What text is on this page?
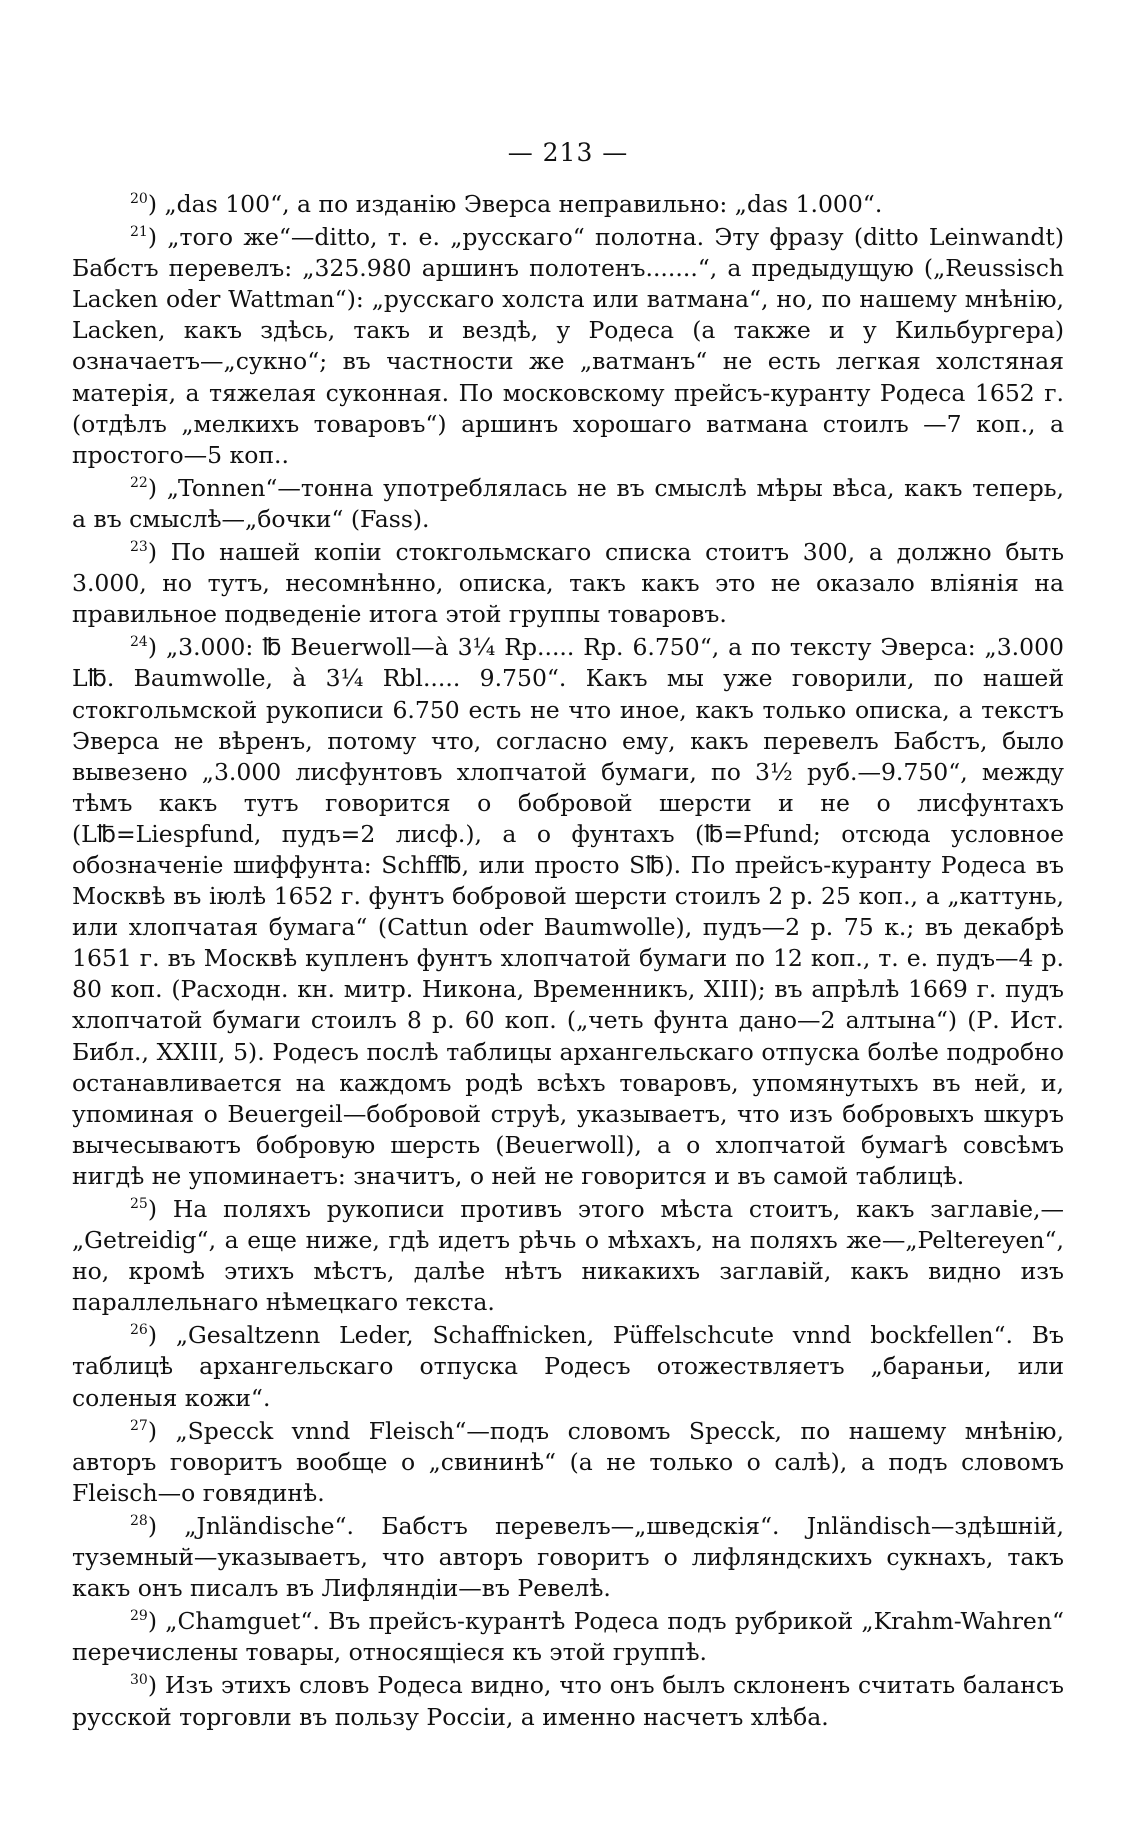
— 213 —

$^{20}$) „das 100“, а по изданію Эверса неправильно: „das 1.000“.

$^{21}$) „того же“—ditto, т. е. „русскаго“ полотна. Эту фразу (ditto Leinwandt) Бабстъ перевелъ: „325.980 аршинъ полотенъ.......“, а предыдущую („Reussisch Lacken oder Wattman“): „русскаго холста или ватмана“, но, по нашему мнѣнію, Lacken, какъ здѣсь, такъ и вездѣ, у Родеса (а также и у Кильбургера) означаетъ—„сукно“; въ частности же „ватманъ“ не есть легкая холстяная матерія, а тяжелая суконная. По московскому прейсъ-куранту Родеса 1652 г. (отдѣлъ „мелкихъ товаровъ“) аршинъ хорошаго ватмана стоилъ —7 коп., а простого—5 коп..

$^{22}$) „Tonnen“—тонна употреблялась не въ смыслѣ мѣры вѣса, какъ теперь, а въ смыслѣ—„бочки“ (Fass).

$^{23}$) По нашей копіи стокгольмскаго списка стоитъ 300, а должно быть 3.000, но тутъ, несомнѣнно, описка, такъ какъ это не оказало вліянія на правильное подведеніе итога этой группы товаровъ.

$^{24}$) „3.000: ℔ Beuerwoll—à 3¼ Rp..... Rp. 6.750“, а по тексту Эверса: „3.000 L℔. Baumwolle, à 3¼ Rbl..... 9.750“. Какъ мы уже говорили, по нашей стокгольмской рукописи 6.750 есть не что иное, какъ только описка, а текстъ Эверса не вѣренъ, потому что, согласно ему, какъ перевелъ Бабстъ, было вывезено „3.000 лисфунтовъ хлопчатой бумаги, по 3½ руб.—9.750“, между тѣмъ какъ тутъ говорится о бобровой шерсти и не о лисфунтахъ (L℔=Liespfund, пудъ=2 лисф.), а о фунтахъ (℔=Pfund; отсюда условное обозначеніе шиффунта: Schff℔, или просто S℔). По прейсъ-куранту Родеса въ Москвѣ въ іюлѣ 1652 г. фунтъ бобровой шерсти стоилъ 2 р. 25 коп., а „каттунь, или хлопчатая бумага“ (Cattun oder Baumwolle), пудъ—2 р. 75 к.; въ декабрѣ 1651 г. въ Москвѣ купленъ фунтъ хлопчатой бумаги по 12 коп., т. е. пудъ—4 р. 80 коп. (Расходн. кн. митр. Никона, Временникъ, XIII); въ апрѣлѣ 1669 г. пудъ хлопчатой бумаги стоилъ 8 р. 60 коп. („четь фунта дано—2 алтына“) (Р. Ист. Библ., XXIII, 5). Родесъ послѣ таблицы архангельскаго отпуска болѣе подробно останавливается на каждомъ родѣ всѣхъ товаровъ, упомянутыхъ въ ней, и, упоминая о Beuergeil—бобровой струѣ, указываетъ, что изъ бобровыхъ шкуръ вычесываютъ бобровую шерсть (Beuerwoll), а о хлопчатой бумагѣ совсѣмъ нигдѣ не упоминаетъ: значитъ, о ней не говорится и въ самой таблицѣ.

$^{25}$) На поляхъ рукописи противъ этого мѣста стоитъ, какъ заглавіе,—„Getreidig“, а еще ниже, гдѣ идетъ рѣчь о мѣхахъ, на поляхъ же—„Peltereyen“, но, кромѣ этихъ мѣстъ, далѣе нѣтъ никакихъ заглавій, какъ видно изъ параллельнаго нѣмецкаго текста.

$^{26}$) „Gesaltzenn Leder, Schaffnicken, Püffelschcute vnnd bockfellen“. Въ таблицѣ архангельскаго отпуска Родесъ отожествляетъ „бараньи, или соленыя кожи“.

$^{27}$) „Specck vnnd Fleisch“—подъ словомъ Specck, по нашему мнѣнію, авторъ говоритъ вообще о „свининѣ“ (а не только о салѣ), а подъ словомъ Fleisch—о говядинѣ.

$^{28}$) „Jnländische“. Бабстъ перевелъ—„шведскія“. Jnländisch—здѣшній, туземный—указываетъ, что авторъ говоритъ о лифляндскихъ сукнахъ, такъ какъ онъ писалъ въ Лифляндіи—въ Ревелѣ.

$^{29}$) „Chamguet“. Въ прейсъ-курантѣ Родеса подъ рубрикой „Krahm-Wahren“ перечислены товары, относящіеся къ этой группѣ.

$^{30}$) Изъ этихъ словъ Родеса видно, что онъ былъ склоненъ считать балансъ русской торговли въ пользу Россіи, а именно насчетъ хлѣба.
